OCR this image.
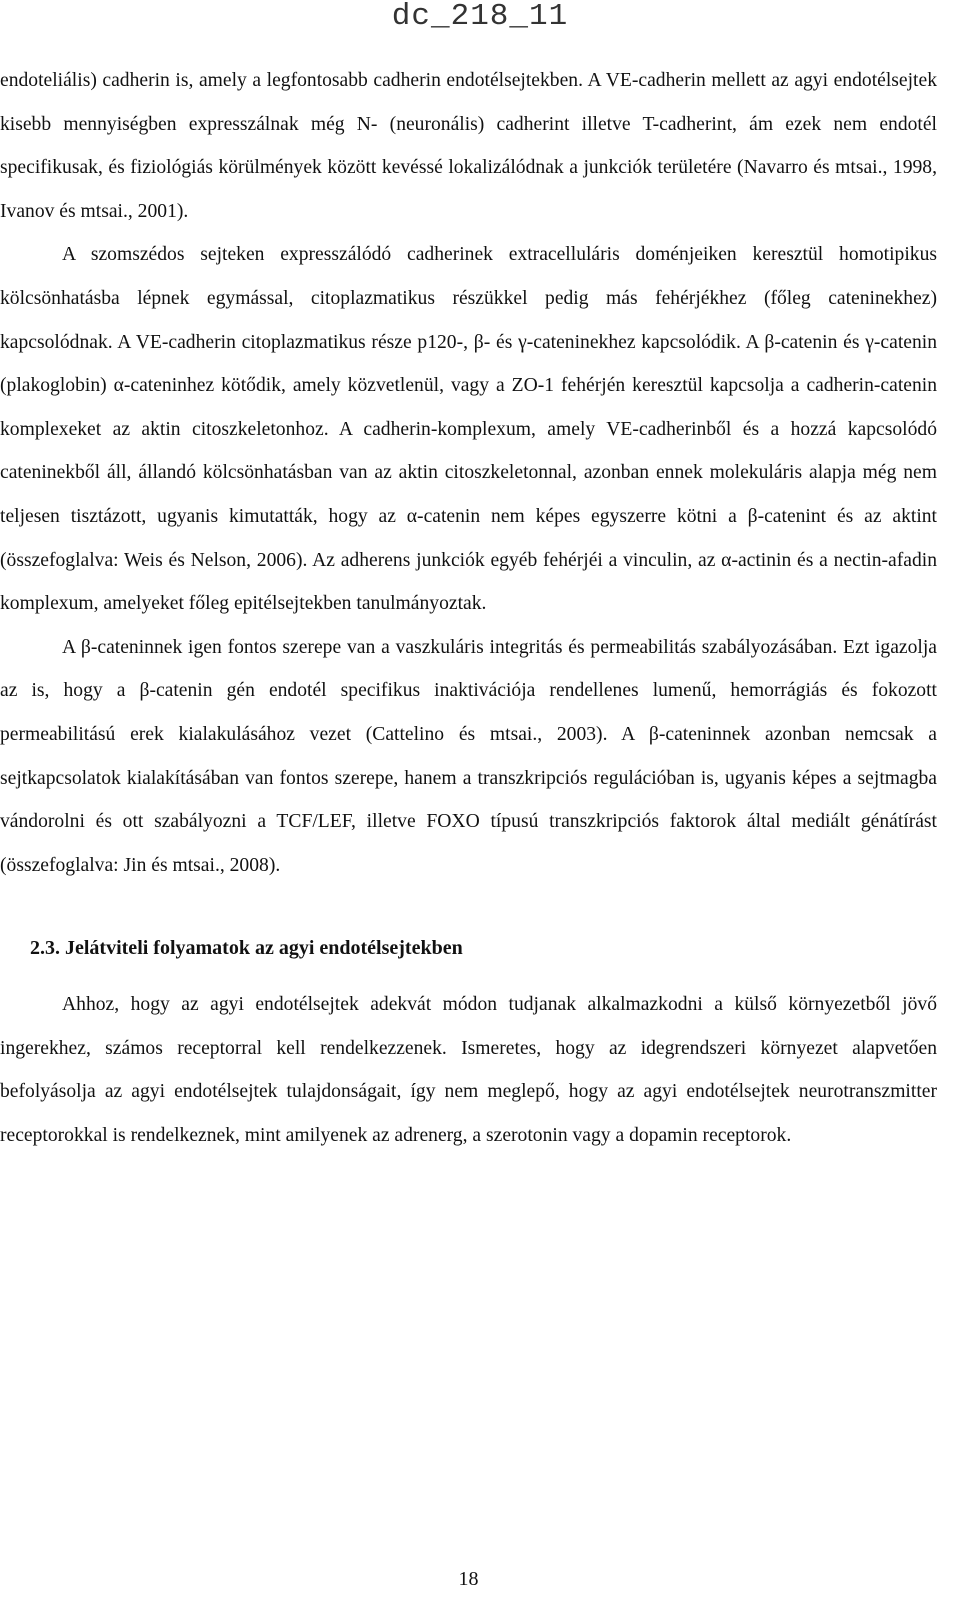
dc_218_11

endoteliális) cadherin is, amely a legfontosabb cadherin endotélsejtekben. A VE-cadherin mellett az agyi endotélsejtek kisebb mennyiségben expresszálnak még N- (neuronális) cadherint illetve T-cadherint, ám ezek nem endotél specifikusak, és fiziológiás körülmények között kevéssé lokalizálódnak a junkciók területére (Navarro és mtsai., 1998, Ivanov és mtsai., 2001).

A szomszédos sejteken expresszálódó cadherinek extracelluláris doménjeiken keresztül homotipikus kölcsönhatásba lépnek egymással, citoplazmatikus részükkel pedig más fehérjékhez (főleg cateninekhez) kapcsolódnak. A VE-cadherin citoplazmatikus része p120-, β- és γ-cateninekhez kapcsolódik. A β-catenin és γ-catenin (plakoglobin) α-cateninhez kötődik, amely közvetlenül, vagy a ZO-1 fehérjén keresztül kapcsolja a cadherin-catenin komplexeket az aktin citoszkeletonhoz. A cadherin-komplexum, amely VE-cadherinből és a hozzá kapcsolódó cateninekből áll, állandó kölcsönhatásban van az aktin citoszkeletonnal, azonban ennek molekuláris alapja még nem teljesen tisztázott, ugyanis kimutatták, hogy az α-catenin nem képes egyszerre kötni a β-catenint és az aktint (összefoglalva: Weis és Nelson, 2006). Az adherens junkciók egyéb fehérjéi a vinculin, az α-actinin és a nectin-afadin komplexum, amelyeket főleg epitélsejtekben tanulmányoztak.

A β-cateninnek igen fontos szerepe van a vaszkuláris integritás és permeabilitás szabályozásában. Ezt igazolja az is, hogy a β-catenin gén endotél specifikus inaktivációja rendellenes lumenű, hemorrágiás és fokozott permeabilitású erek kialakulásához vezet (Cattelino és mtsai., 2003). A β-cateninnek azonban nemcsak a sejtkapcsolatok kialakításában van fontos szerepe, hanem a transzkripciós regulációban is, ugyanis képes a sejtmagba vándorolni és ott szabályozni a TCF/LEF, illetve FOXO típusú transzkripciós faktorok által mediált génátírást (összefoglalva: Jin és mtsai., 2008).

2.3. Jelátviteli folyamatok az agyi endotélsejtekben

Ahhoz, hogy az agyi endotélsejtek adekvát módon tudjanak alkalmazkodni a külső környezetből jövő ingerekhez, számos receptorral kell rendelkezzenek. Ismeretes, hogy az idegrendszeri környezet alapvetően befolyásolja az agyi endotélsejtek tulajdonságait, így nem meglepő, hogy az agyi endotélsejtek neurotranszmitter receptorokkal is rendelkeznek, mint amilyenek az adrenerg, a szerotonin vagy a dopamin receptorok.

18
